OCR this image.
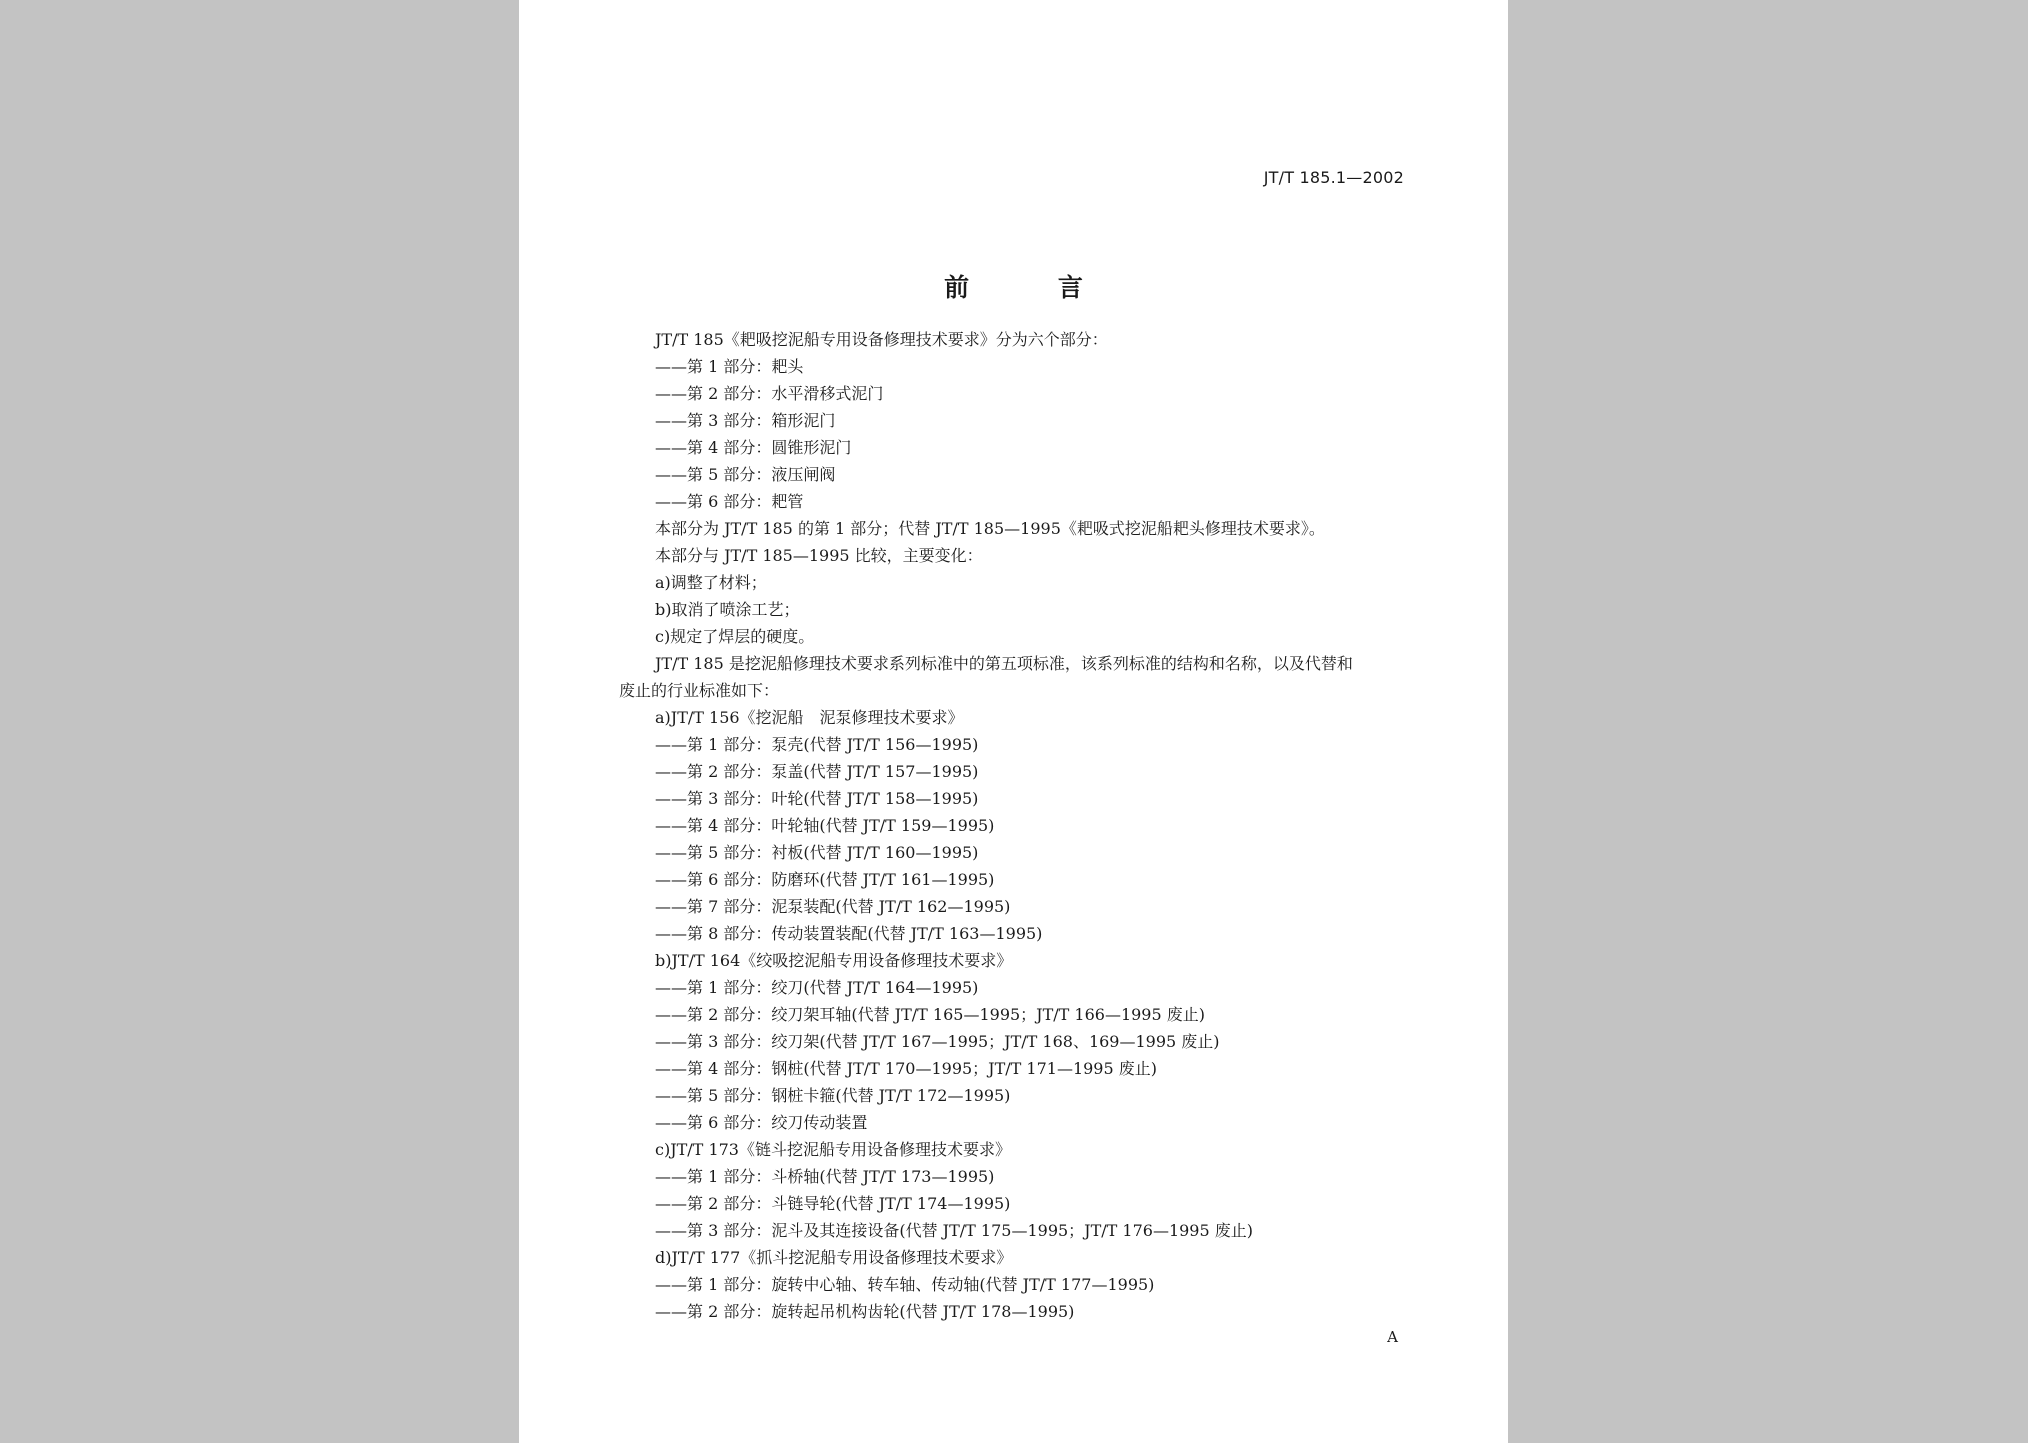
JT/T 185.1—2002
前 言
JT/T 185《耙吸挖泥船专用设备修理技术要求》分为六个部分：
——第 1 部分：耙头
——第 2 部分：水平滑移式泥门
——第 3 部分：箱形泥门
——第 4 部分：圆锥形泥门
——第 5 部分：液压闸阀
——第 6 部分：耙管
本部分为 JT/T 185 的第 1 部分；代替 JT/T 185—1995《耙吸式挖泥船耙头修理技术要求》。
本部分与 JT/T 185—1995 比较，主要变化：
a)调整了材料；
b)取消了喷涂工艺；
c)规定了焊层的硬度。
JT/T 185 是挖泥船修理技术要求系列标准中的第五项标准，该系列标准的结构和名称，以及代替和
废止的行业标准如下：
a)JT/T 156《挖泥船　泥泵修理技术要求》
——第 1 部分：泵壳(代替 JT/T 156—1995)
——第 2 部分：泵盖(代替 JT/T 157—1995)
——第 3 部分：叶轮(代替 JT/T 158—1995)
——第 4 部分：叶轮轴(代替 JT/T 159—1995)
——第 5 部分：衬板(代替 JT/T 160—1995)
——第 6 部分：防磨环(代替 JT/T 161—1995)
——第 7 部分：泥泵装配(代替 JT/T 162—1995)
——第 8 部分：传动装置装配(代替 JT/T 163—1995)
b)JT/T 164《绞吸挖泥船专用设备修理技术要求》
——第 1 部分：绞刀(代替 JT/T 164—1995)
——第 2 部分：绞刀架耳轴(代替 JT/T 165—1995；JT/T 166—1995 废止)
——第 3 部分：绞刀架(代替 JT/T 167—1995；JT/T 168、169—1995 废止)
——第 4 部分：钢桩(代替 JT/T 170—1995；JT/T 171—1995 废止)
——第 5 部分：钢桩卡箍(代替 JT/T 172—1995)
——第 6 部分：绞刀传动装置
c)JT/T 173《链斗挖泥船专用设备修理技术要求》
——第 1 部分：斗桥轴(代替 JT/T 173—1995)
——第 2 部分：斗链导轮(代替 JT/T 174—1995)
——第 3 部分：泥斗及其连接设备(代替 JT/T 175—1995；JT/T 176—1995 废止)
d)JT/T 177《抓斗挖泥船专用设备修理技术要求》
——第 1 部分：旋转中心轴、转车轴、传动轴(代替 JT/T 177—1995)
——第 2 部分：旋转起吊机构齿轮(代替 JT/T 178—1995)
A
